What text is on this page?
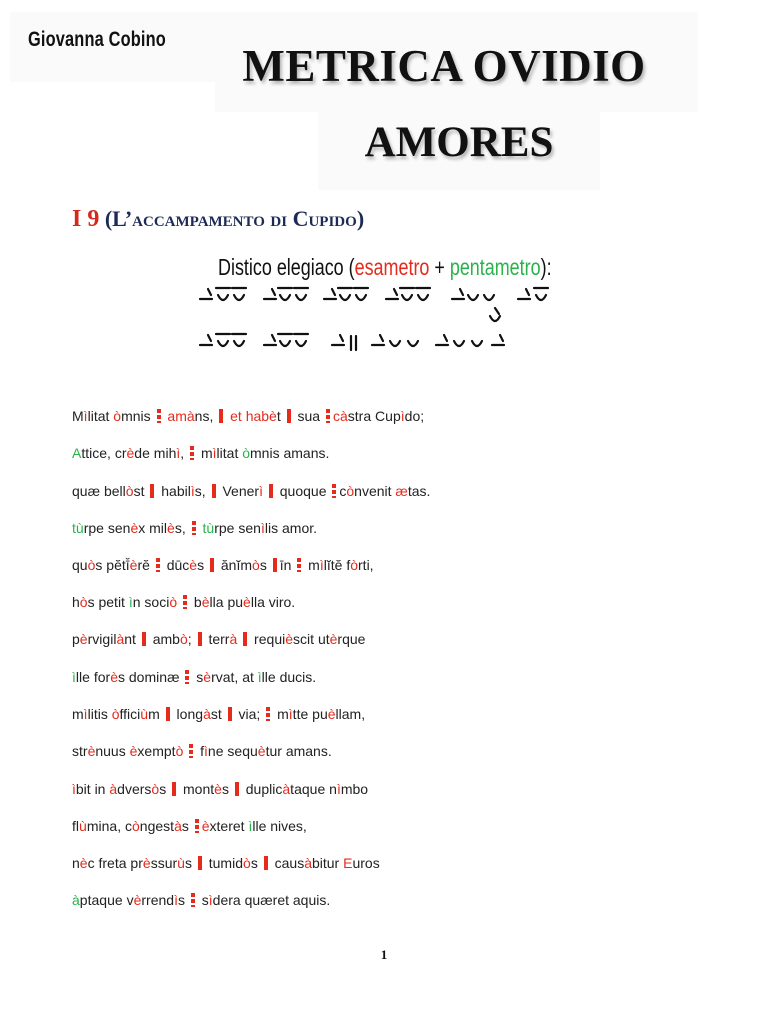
Giovanna Cobino
METRICA OVIDIO
AMORES
I 9 (L’accampamento di Cupido)
Distico elegiaco (esametro + pentametro):
Mìlitat òmnis  amàns,  et habèt  sua càstra Cupìdo;
Attice, crède mihì, mìlitat òmnis amans.
quæ bellòst  habilìs, Venerì  quoque cònvenit ætas.
tùrpe senèx milès,  tùrpe senìlis amor.
quòs pĕtīèrĕ  dūcès  ănĭmòs īn  mìlĭtĕ fòrti,
hòs petit ìn sociò bèlla puèlla viro.
pèrvigilànt  ambò; terrà requièscit utèrque
ìlle forès dominæ sèrvat, at ìlle ducis.
mìlitis òfficiùm  longàst  via;  mìtte puèllam,
strènuus èxemptò fìne sequètur amans.
ìbit in àdversòs  montès  duplicàtaque nìmbo
flùmina, còngestàs èxteret ìlle nives,
nèc freta prèssurùs  tumidòs  causàbitur Euros
àptaque vèrrendìs sìdera quæret aquis.
1
